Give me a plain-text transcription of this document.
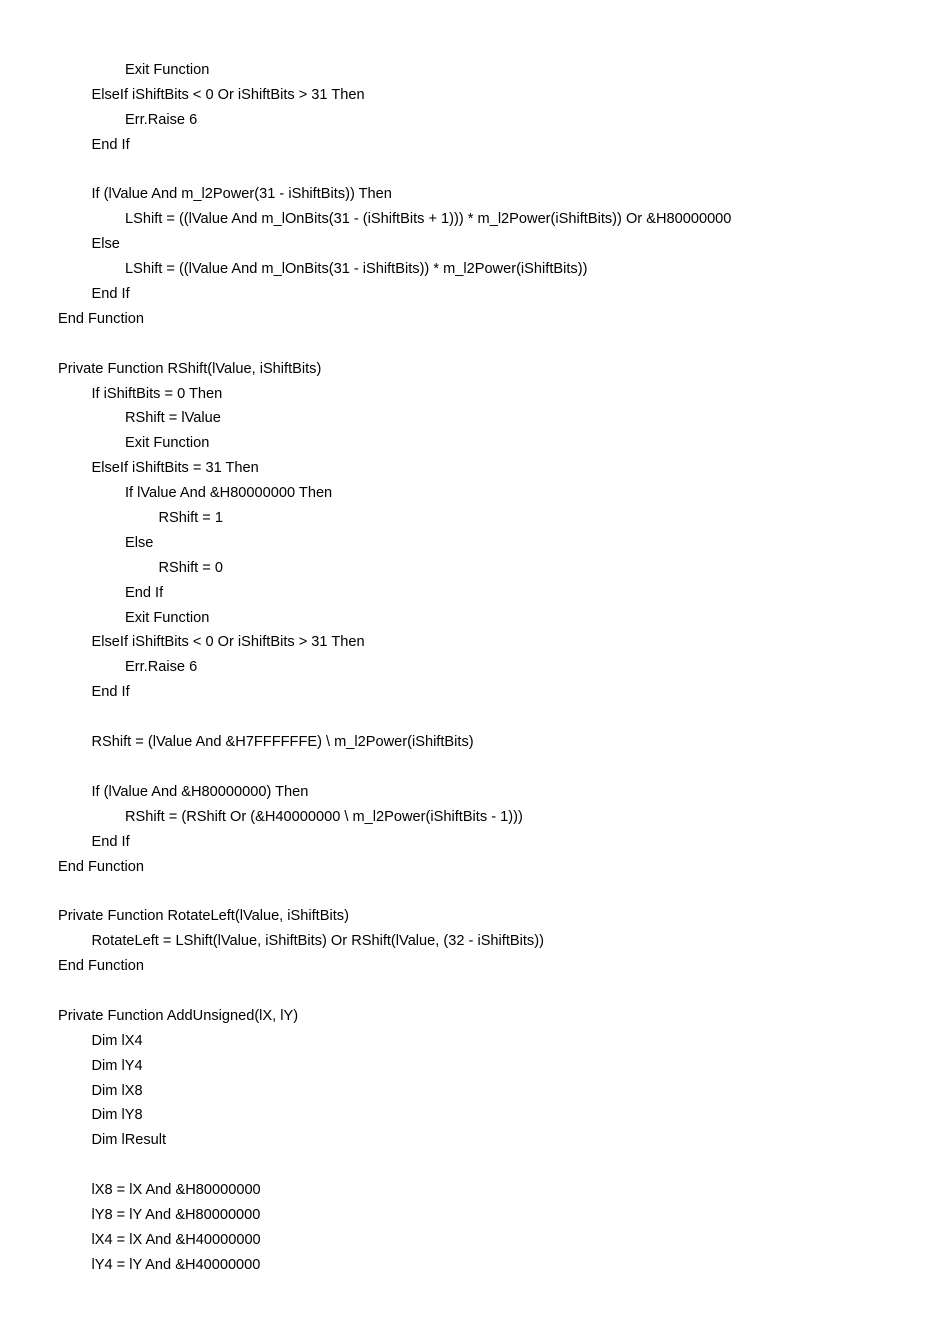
Exit Function
ElseIf iShiftBits < 0 Or iShiftBits > 31 Then
Err.Raise 6
End If
If (lValue And m_l2Power(31 - iShiftBits)) Then
LShift = ((lValue And m_lOnBits(31 - (iShiftBits + 1))) * m_l2Power(iShiftBits)) Or &H80000000
Else
LShift = ((lValue And m_lOnBits(31 - iShiftBits)) * m_l2Power(iShiftBits))
End If
End Function
Private Function RShift(lValue, iShiftBits)
If iShiftBits = 0 Then
RShift = lValue
Exit Function
ElseIf iShiftBits = 31 Then
If lValue And &H80000000 Then
RShift = 1
Else
RShift = 0
End If
Exit Function
ElseIf iShiftBits < 0 Or iShiftBits > 31 Then
Err.Raise 6
End If
RShift = (lValue And &H7FFFFFFE) \ m_l2Power(iShiftBits)
If (lValue And &H80000000) Then
RShift = (RShift Or (&H40000000 \ m_l2Power(iShiftBits - 1)))
End If
End Function
Private Function RotateLeft(lValue, iShiftBits)
RotateLeft = LShift(lValue, iShiftBits) Or RShift(lValue, (32 - iShiftBits))
End Function
Private Function AddUnsigned(lX, lY)
Dim lX4
Dim lY4
Dim lX8
Dim lY8
Dim lResult
lX8 = lX And &H80000000
lY8 = lY And &H80000000
lX4 = lX And &H40000000
lY4 = lY And &H40000000
